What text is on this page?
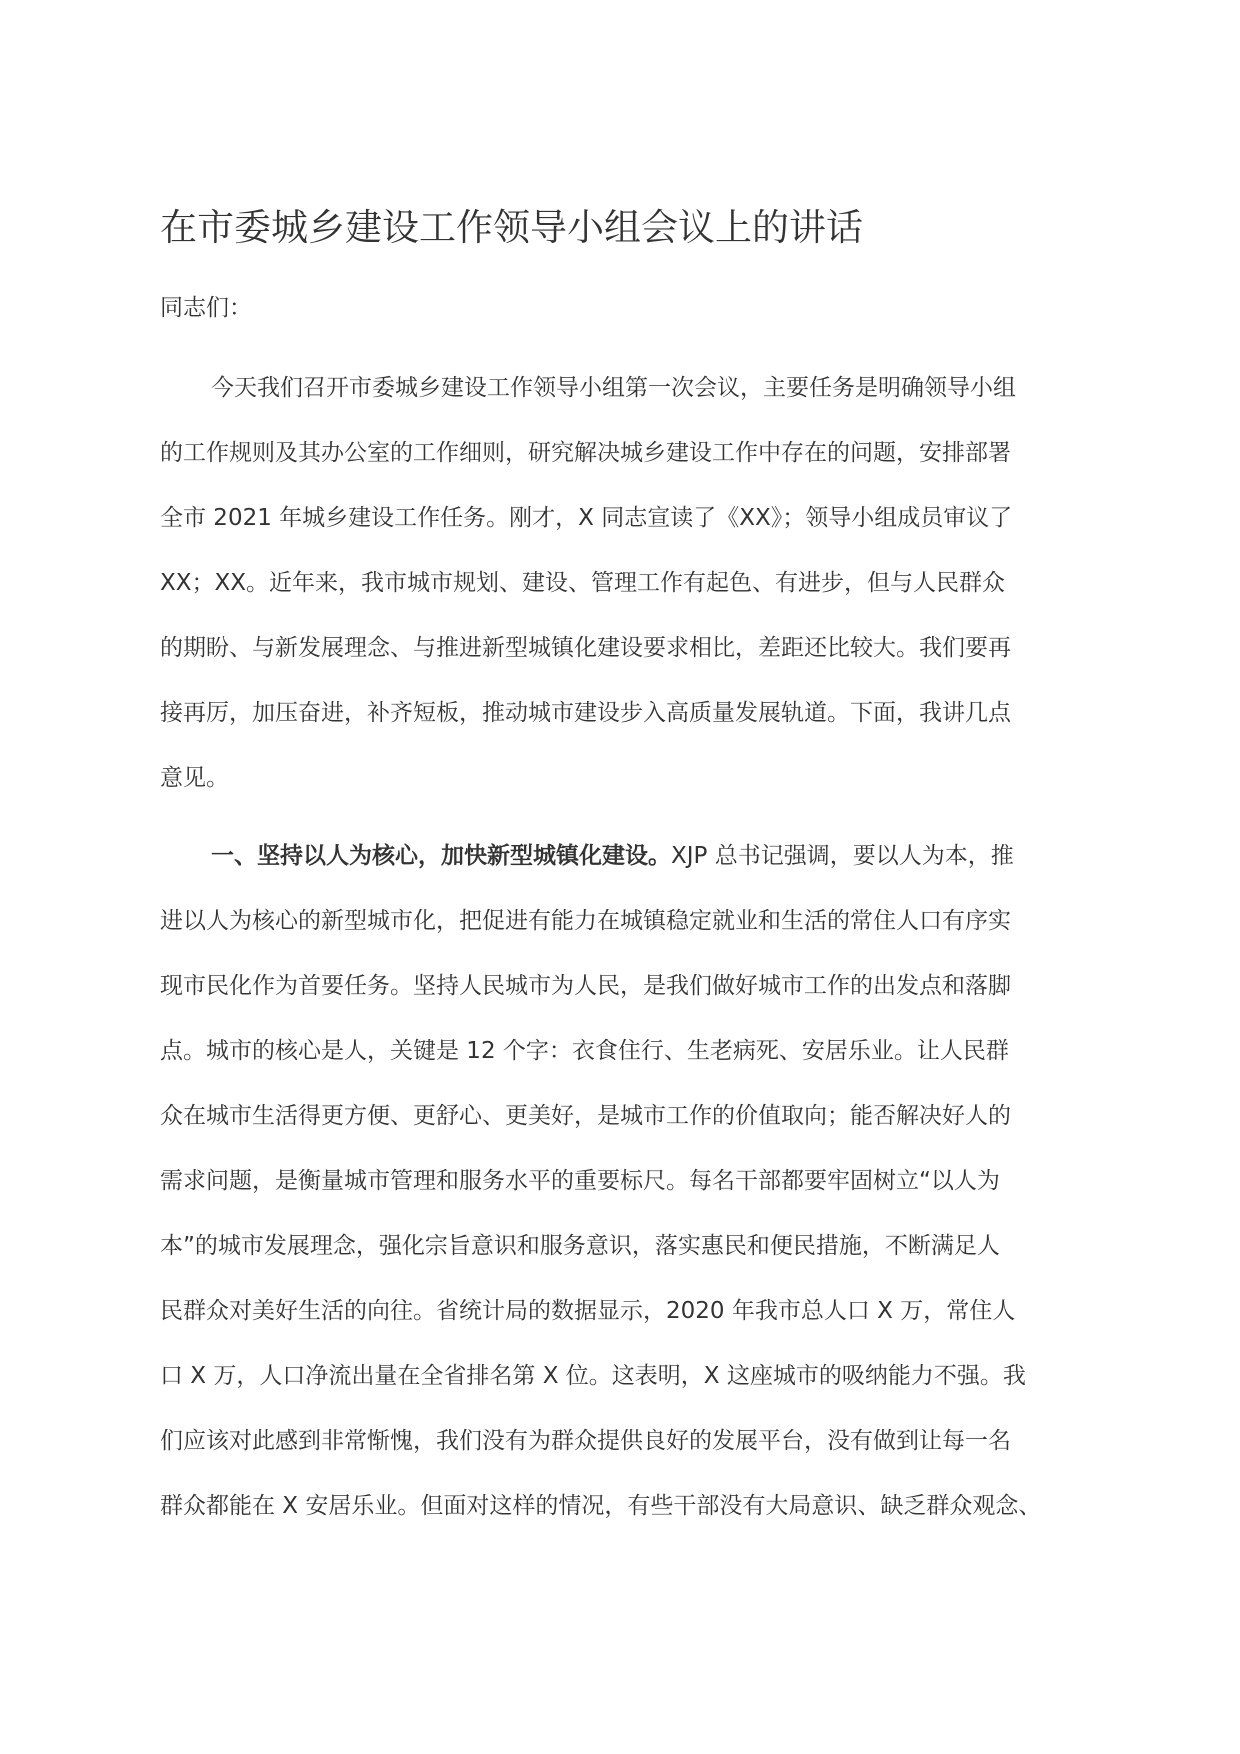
在市委城乡建设工作领导小组会议上的讲话

同志们：

今天我们召开市委城乡建设工作领导小组第一次会议，主要任务是明确领导小组
的工作规则及其办公室的工作细则，研究解决城乡建设工作中存在的问题，安排部署
全市 2021 年城乡建设工作任务。刚才，X 同志宣读了《XX》；领导小组成员审议了
XX；XX。近年来，我市城市规划、建设、管理工作有起色、有进步，但与人民群众
的期盼、与新发展理念、与推进新型城镇化建设要求相比，差距还比较大。我们要再
接再厉，加压奋进，补齐短板，推动城市建设步入高质量发展轨道。下面，我讲几点
意见。
一、坚持以人为核心，加快新型城镇化建设。XJP 总书记强调，要以人为本，推
进以人为核心的新型城市化，把促进有能力在城镇稳定就业和生活的常住人口有序实
现市民化作为首要任务。坚持人民城市为人民，是我们做好城市工作的出发点和落脚
点。城市的核心是人，关键是 12 个字：衣食住行、生老病死、安居乐业。让人民群
众在城市生活得更方便、更舒心、更美好，是城市工作的价值取向；能否解决好人的
需求问题，是衡量城市管理和服务水平的重要标尺。每名干部都要牢固树立“以人为
本”的城市发展理念，强化宗旨意识和服务意识，落实惠民和便民措施，不断满足人
民群众对美好生活的向往。省统计局的数据显示，2020 年我市总人口 X 万，常住人
口 X 万，人口净流出量在全省排名第 X 位。这表明，X 这座城市的吸纳能力不强。我
们应该对此感到非常惭愧，我们没有为群众提供良好的发展平台，没有做到让每一名
群众都能在 X 安居乐业。但面对这样的情况，有些干部没有大局意识、缺乏群众观念、
